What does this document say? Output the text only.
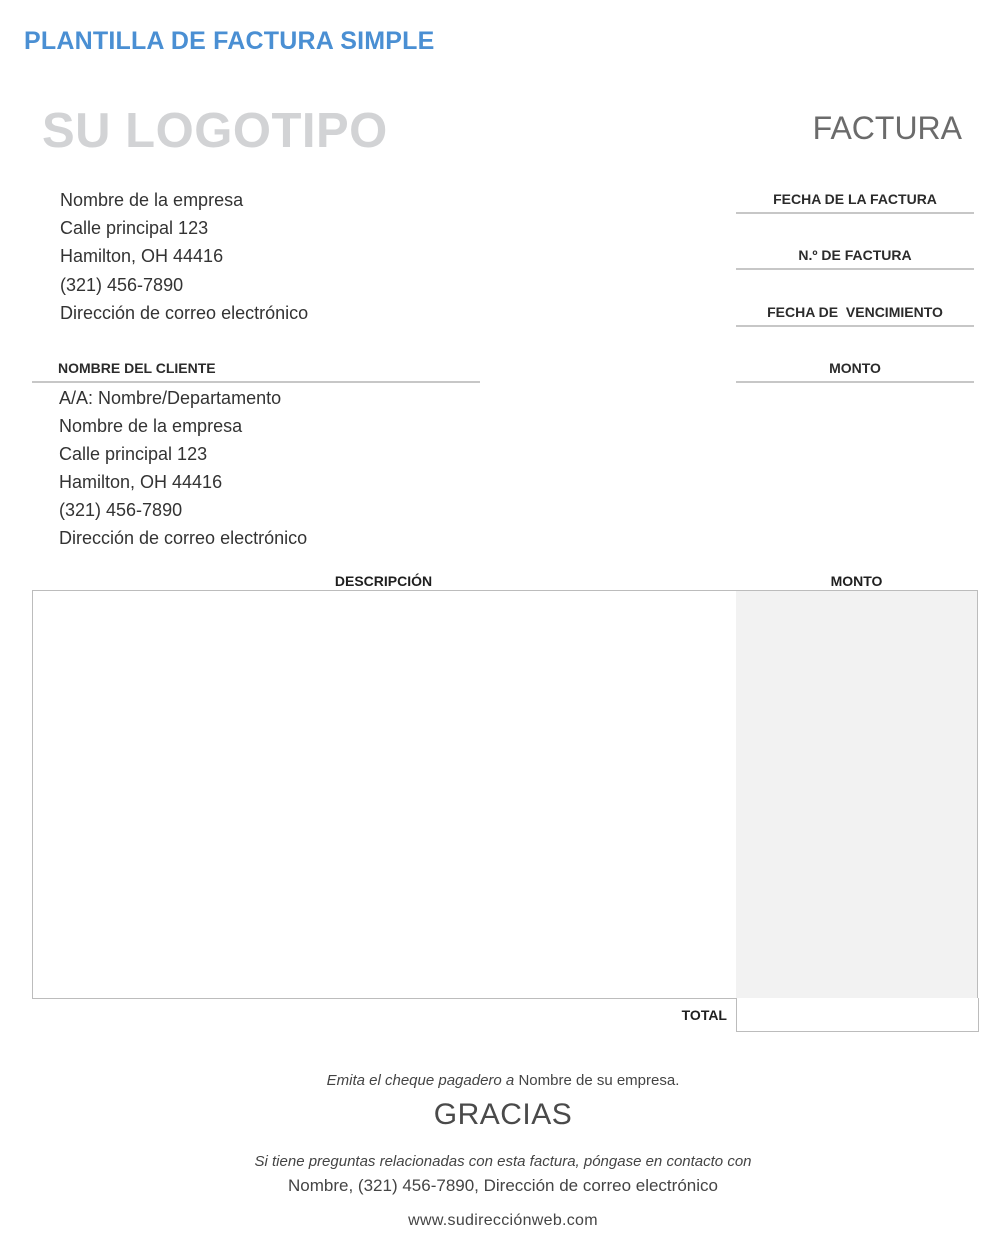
PLANTILLA DE FACTURA SIMPLE
SU LOGOTIPO	FACTURA
Nombre de la empresa
Calle principal 123
Hamilton, OH 44416
(321) 456-7890
Dirección de correo electrónico
FECHA DE LA FACTURA
N.º DE FACTURA
FECHA DE  VENCIMIENTO
MONTO
NOMBRE DEL CLIENTE
A/A: Nombre/Departamento
Nombre de la empresa
Calle principal 123
Hamilton, OH 44416
(321) 456-7890
Dirección de correo electrónico
DESCRIPCIÓN	MONTO
TOTAL
Emita el cheque pagadero a Nombre de su empresa.
GRACIAS
Si tiene preguntas relacionadas con esta factura, póngase en contacto con
Nombre, (321) 456-7890, Dirección de correo electrónico
www.sudirecciónweb.com
